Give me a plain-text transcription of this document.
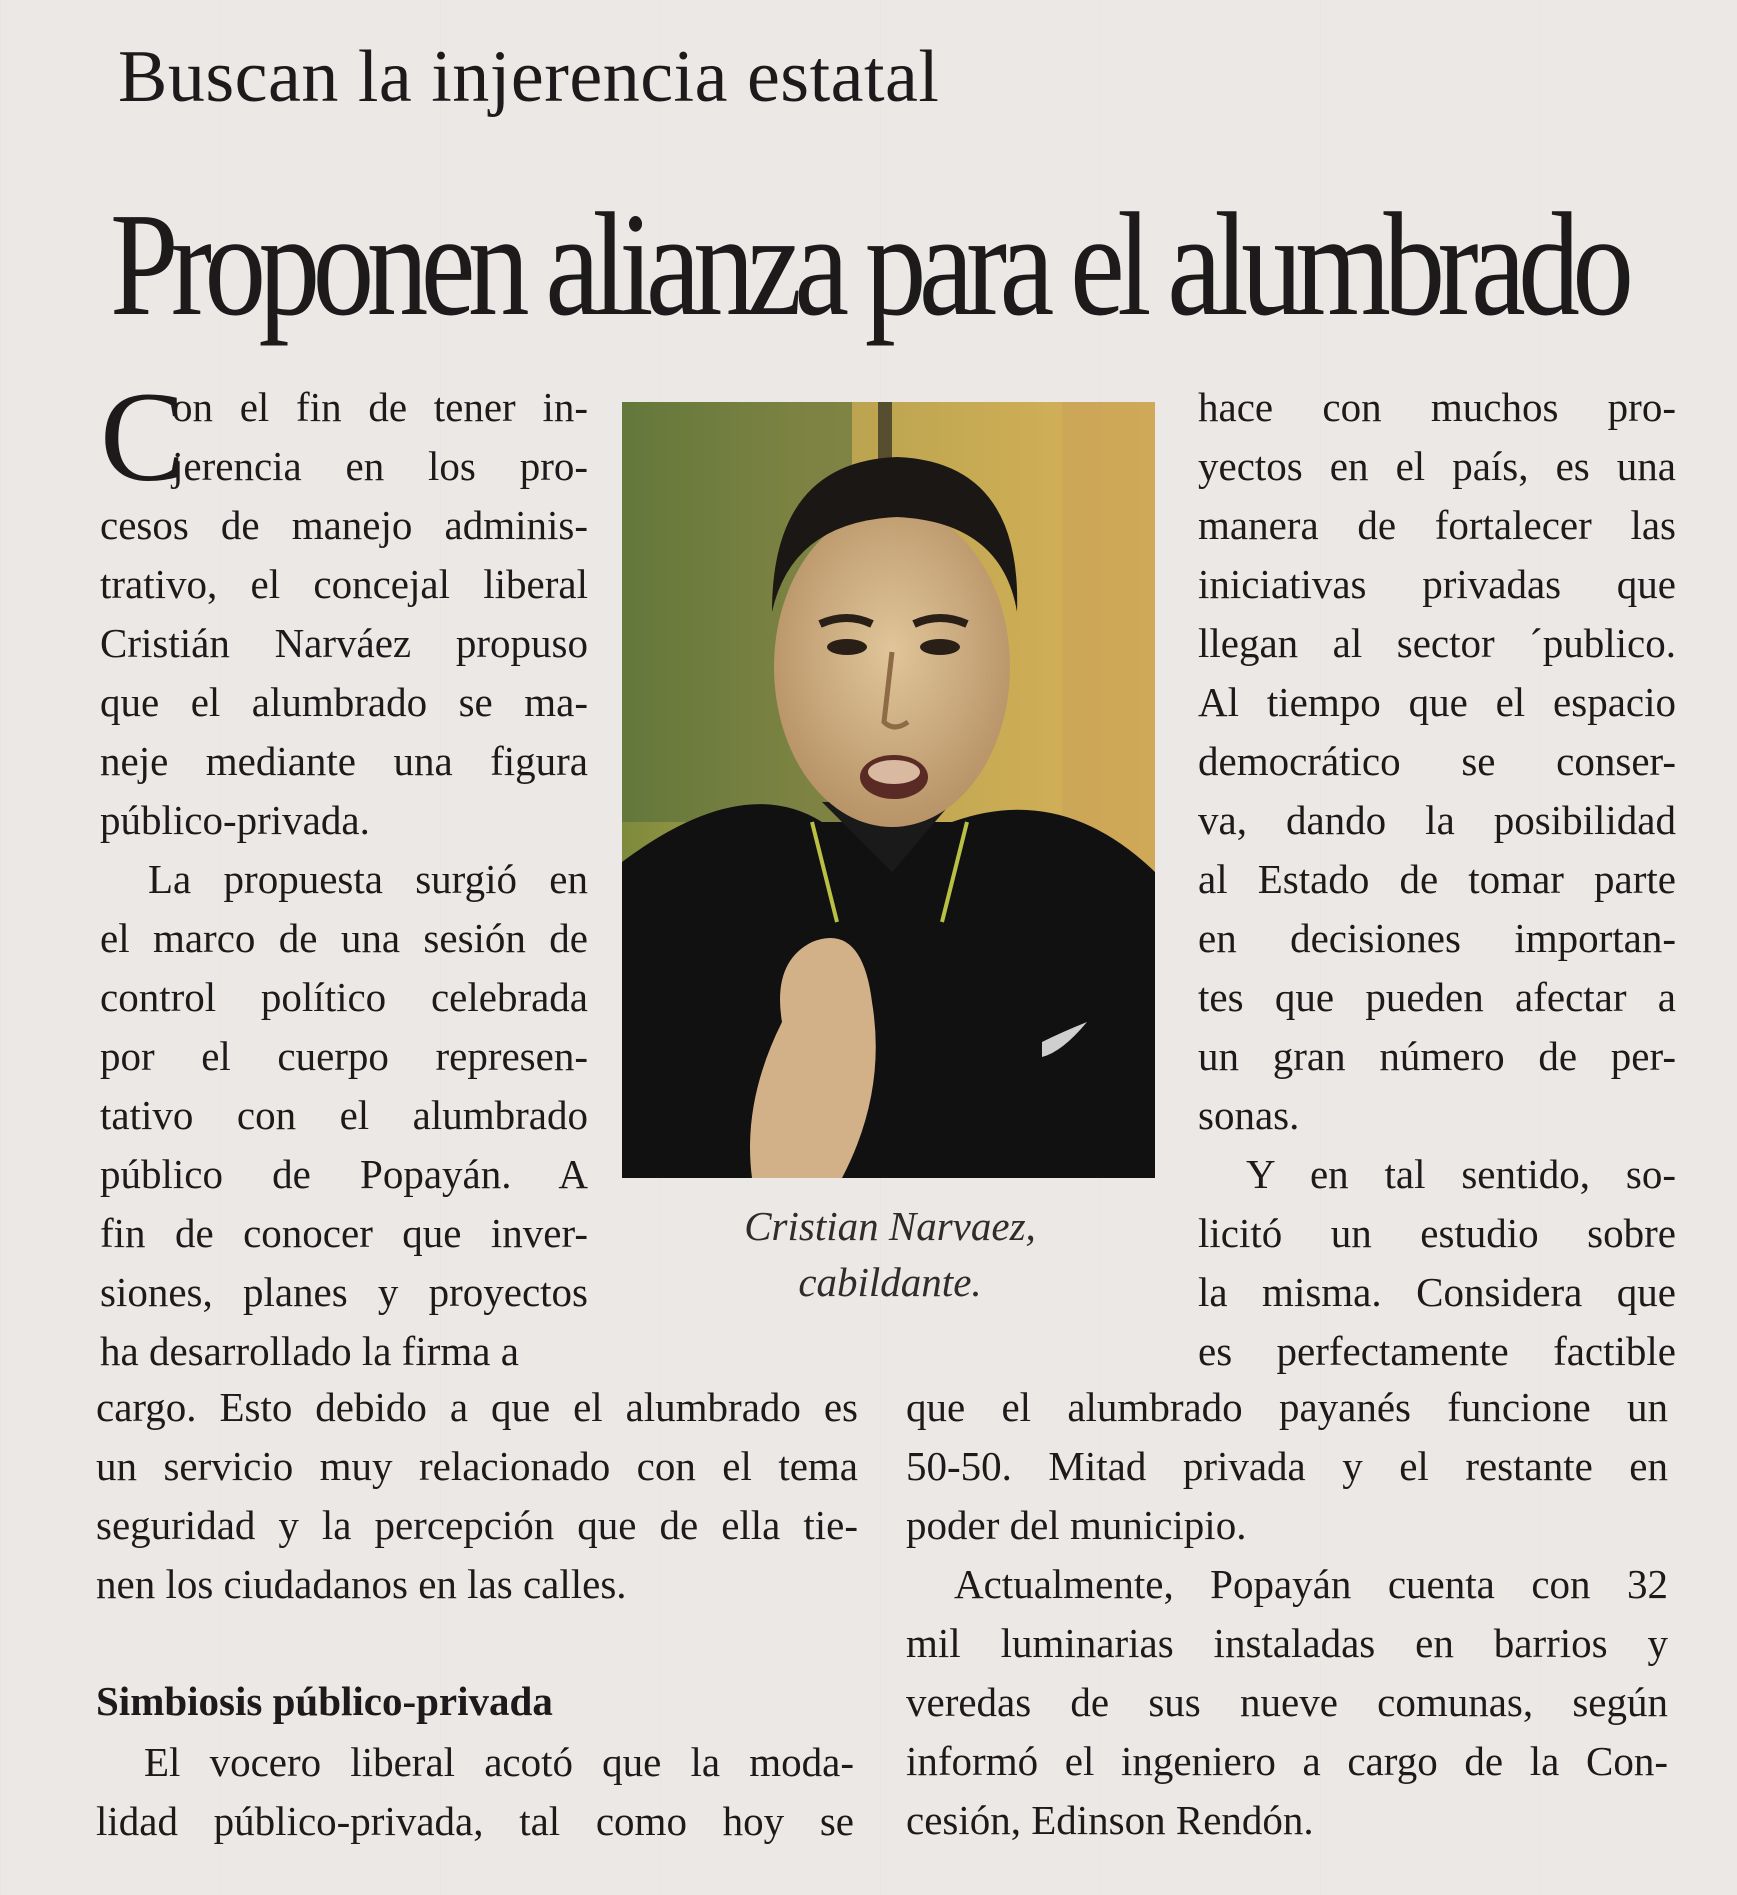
Buscan la injerencia estatal
Proponen alianza para el alumbrado
C
on el fin de tener in-
jerencia en los pro-
cesos de manejo adminis-
trativo, el concejal liberal
Cristián Narváez propuso
que el alumbrado se ma-
neje mediante una figura
público-privada.
La propuesta surgió en
el marco de una sesión de
control político celebrada
por el cuerpo represen-
tativo con el alumbrado
público de Popayán. A
fin de conocer que inver-
siones, planes y proyectos
ha desarrollado la firma a
cargo. Esto debido a que el alumbrado es
un servicio muy relacionado con el tema
seguridad y la percepción que de ella tie-
nen los ciudadanos en las calles.
Simbiosis público-privada
El vocero liberal acotó que la moda-
lidad público-privada, tal como hoy se
Cristian Narvaez,
cabildante.
hace con muchos pro-
yectos en el país, es una
manera de fortalecer las
iniciativas privadas que
llegan al sector ´publico.
Al tiempo que el espacio
democrático se conser-
va, dando la posibilidad
al Estado de tomar parte
en decisiones importan-
tes que pueden afectar a
un gran número de per-
sonas.
Y en tal sentido, so-
licitó un estudio sobre
la misma. Considera que
es perfectamente factible
que el alumbrado payanés funcione un
50-50. Mitad privada y el restante en
poder del municipio.
Actualmente, Popayán cuenta con 32
mil luminarias instaladas en barrios y
veredas de sus nueve comunas, según
informó el ingeniero a cargo de la Con-
cesión, Edinson Rendón.
